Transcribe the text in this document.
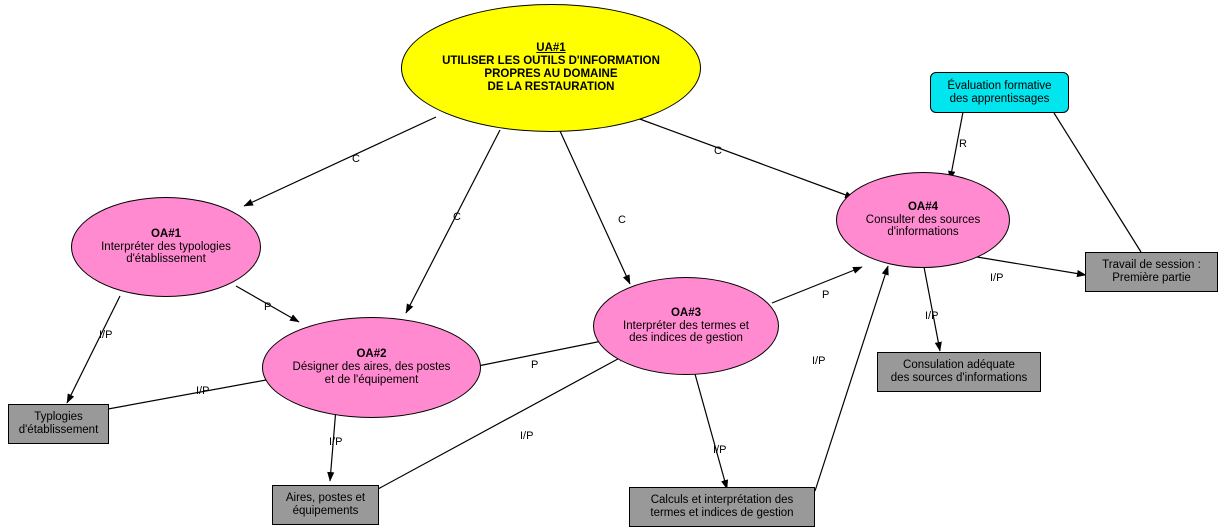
UA#1
UTILISER LES OUTILS D'INFORMATION
PROPRES AU DOMAINE
DE LA RESTAURATION
OA#1
Interpréter des typologies
d'établissement
OA#2
Désigner des aires, des postes
et de l'équipement
OA#3
Interpréter des termes et
des indices de gestion
OA#4
Consulter des sources
d'informations
Évaluation formative
des apprentissages
Typlogies
d'établissement
Aires, postes et
équipements
Calculs et interprétation des
termes et indices de gestion
Consulation adéquate
des sources d'informations
Travail de session :
Première partie
C
C	C
C
P
P
P
I/P
I/P
I/P	I/P
I/P
I/P
I/P
I/P
R
